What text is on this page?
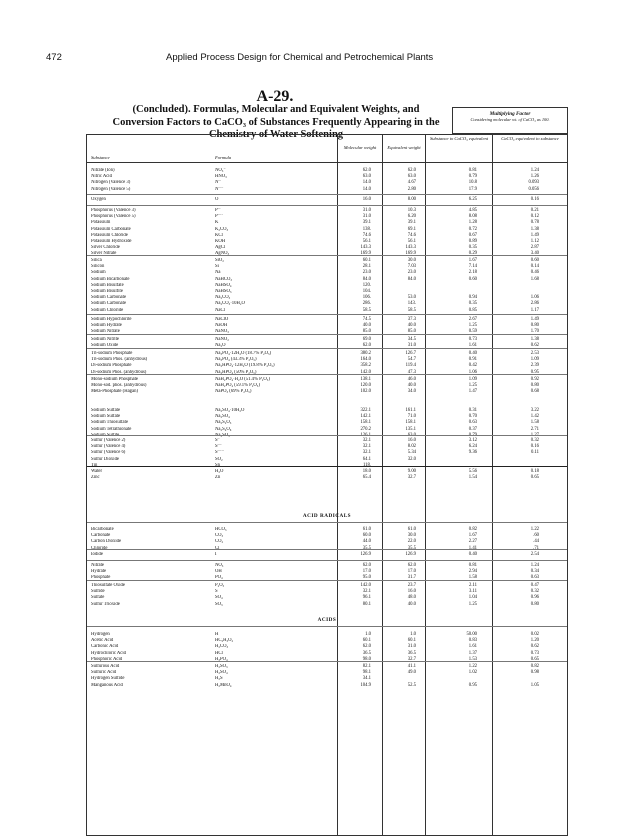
472	Applied Process Design for Chemical and Petrochemical Plants
A-29.
(Concluded). Formulas, Molecular and Equivalent Weights, and Conversion Factors to CaCO₃ of Substances Frequently Appearing in the Chemistry of Water Softening
Multiplying Factor
Considering molecular wt. of CaCO₃ as 100.
Substance to CaCO₃ equivalent	CaCO₃ equivalent to substance
Molecular weight	Equivalent weight
Substance	Formula
ACID RADICALS
ACIDS
Nitrate (Ion)	NO₃⁻	62.0	62.0	0.81	1.24
Nitric Acid	HNO₃	63.0	63.0	0.79	1.26
Nitrogen (Valence 3)	N′′′	14.0	4.67	10.8	0.093
Nitrogen (Valence 5)	N′′′′′	14.0	2.80	17.9	0.056
Oxygen	O	16.0	8.00	6.25	0.16
Phosphorus (Valence 3)	P′′′	31.0	10.3	4.85	0.21
Phosphorus (Valence 5)	P′′′′′	31.0	6.20	8.08	0.12
Potassium	K	39.1	39.1	1.28	0.78
Potassium Carbonate	K₂CO₃	138.	69.1	0.72	1.38
Potassium Chloride	KCl	74.6	74.6	0.67	1.49
Potassium Hydroxide	KOH	56.1	56.1	0.89	1.12
Silver Chloride	AgCl	143.3	143.3	0.35	2.87
Silver Nitrate	AgNO₃	169.9	169.9	0.29	3.40
Silica	SiO₂	60.1	30.0	1.67	0.60
Silicon	Si	28.1	7.03	7.14	0.14
Sodium	Na	23.0	23.0	2.18	0.46
Sodium Bicarbonate	NaHCO₃	84.0	84.0	0.60	1.68
Sodium Bisulfate	NaHSO₄	120.
Sodium Bisulfite	NaHSO₃	104.
Sodium Carbonate	Na₂CO₃	106.	53.0	0.94	1.06
Sodium Carbonate	Na₂CO₃·10H₂O	286.	143.	0.35	2.86
Sodium Chloride	NaCl	58.5	58.5	0.85	1.17
Sodium Hypochlorite	NaClO	74.5	37.3	2.67	1.49
Sodium Hydrate	NaOH	40.0	40.0	1.25	0.80
Sodium Nitrate	NaNO₃	85.0	85.0	0.59	1.70
Sodium Nitrite	NaNO₂	69.0	34.5	0.73	1.38
Sodium Oxide	Na₂O	62.0	31.0	1.61	0.62
Tri-sodium Phosphate	Na₃PO₄·12H₂O (18.7% P₂O₅)	380.2	126.7	0.40	2.53
Tri-sodium Phos. (anhydrous)	Na₃PO₄ (43.3% P₂O₅)	164.0	54.7	0.91	1.09
Di-sodium Phosphate	Na₂HPO₄·12H₂O (19.8% P₂O₅)	358.2	119.4	0.42	2.39
Di-sodium Phos. (anhydrous)	Na₂HPO₄ (50% P₂O₅)	142.0	47.3	1.06	0.95
Mono-sodium Phosphate	NaH₂PO₄·H₂O (51.4% P₂O₅)	138.1	46.0	1.09	0.92
Mono-sod. phos. (anhydrous)	NaH₂PO₄ (59.1% P₂O₅)	120.0	40.0	1.25	0.80
Meta-Phosphate (Hagan)	NaPO₃ (69% P₂O₅)	102.0	34.0	1.47	0.68
Sodium Sulfate	Na₂SO₄·10H₂O	322.1	161.1	0.31	3.22
Sodium Sulfate	Na₂SO₄	142.1	71.0	0.70	1.42
Sodium Thiosulfate	Na₂S₂O₃	158.1	158.1	0.63	1.58
Sodium Tetrathionate	Na₂S₄O₆	270.2	135.1	0.37	2.71
Sodium Sulfite	Na₂SO₃	126.1	63.0	0.79	1.27
Sulfur (Valence 2)	S′′	32.1	16.0	3.12	0.32
Sulfur (Valence 4)	S′′′′	32.1	8.02	6.24	0.16
Sulfur (Valence 6)	S′′′′′′	32.1	5.34	9.36	0.11
Sulfur Dioxide	SO₂	64.1	32.0
Tin	Sn	118.
Water	H₂O	18.0	9.00	5.56	0.18
Zinc	Zn	65.4	32.7	1.54	0.65
Bicarbonate	HCO₃	61.0	61.0	0.82	1.22
Carbonate	CO₃	60.0	30.0	1.67	.60
Carbon Dioxide	CO₂	44.0	22.0	2.27	.44
Chloride	Cl	35.5	35.5	1.41	.71
Iodide	I	126.9	126.9	0.40	2.54
Nitrate	NO₃	62.0	62.0	0.81	1.24
Hydrate	OH	17.0	17.0	2.94	0.34
Phosphate	PO₄	95.0	31.7	1.58	0.63
Thiosulfate Oxide	P₂O₅	142.0	23.7	2.11	0.47
Sulfide	S	32.1	16.0	3.11	0.32
Sulfate	SO₄	96.1	48.0	1.04	0.96
Sulfur Trioxide	SO₃	80.1	40.0	1.25	0.80
Hydrogen	H	1.0	1.0	50.00	0.02
Acetic Acid	HC₂H₃O₂	60.1	60.1	0.83	1.20
Carbonic Acid	H₂CO₃	62.0	31.0	1.61	0.62
Hydrochloric Acid	HCl	36.5	36.5	1.37	0.73
Phosphoric Acid	H₃PO₄	98.0	32.7	1.53	0.65
Sulfurous Acid	H₂SO₃	82.1	41.1	1.22	0.82
Sulfuric Acid	H₂SO₄	98.1	49.0	1.02	0.98
Hydrogen Sulfide	H₂S	34.1
Manganous Acid	H₂MnO₄	104.9	52.5	0.95	1.05
